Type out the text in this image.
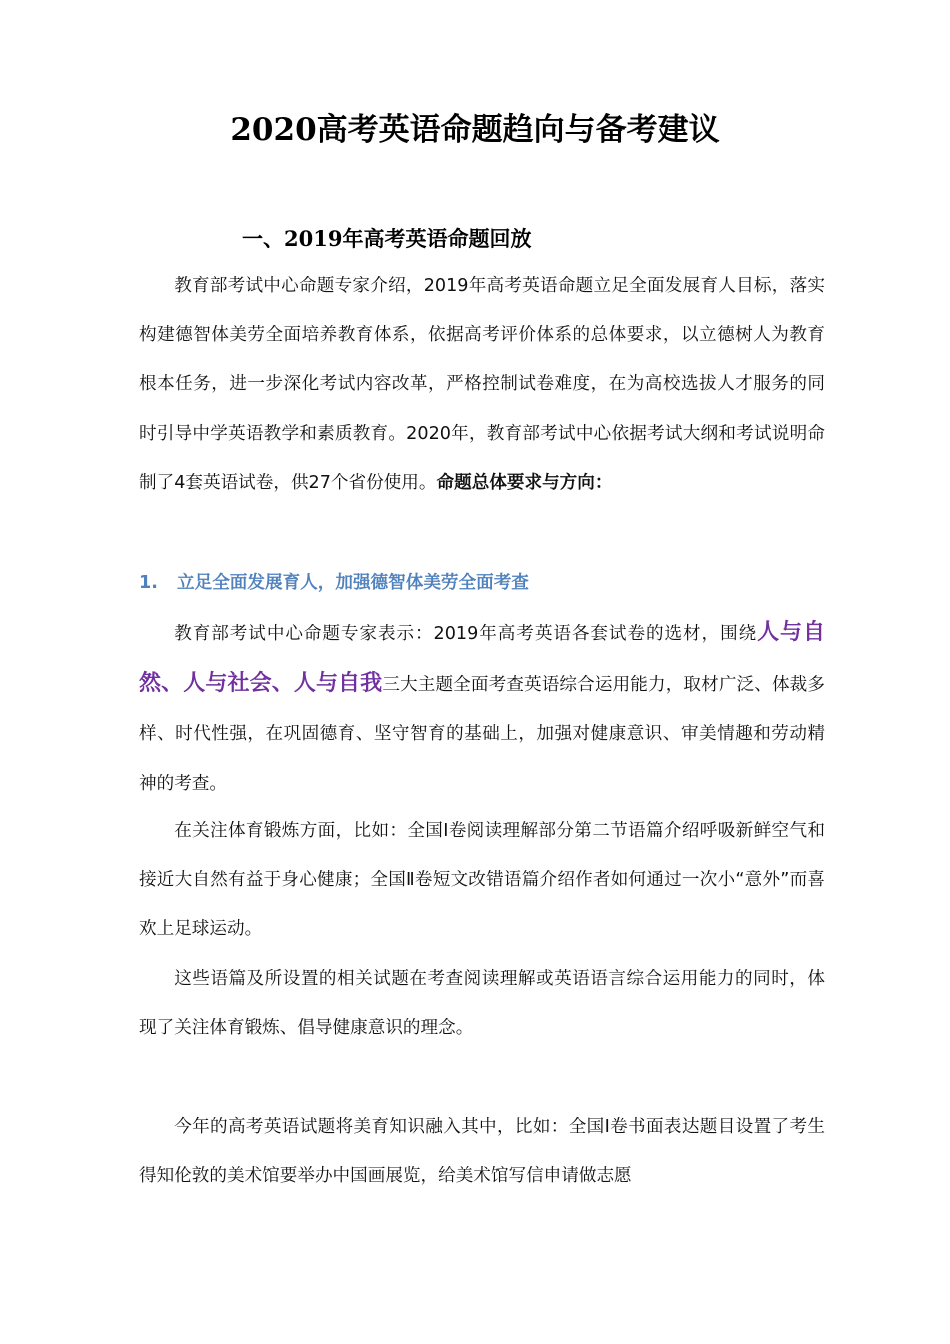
2020高考英语命题趋向与备考建议
一、2019年高考英语命题回放

教育部考试中心命题专家介绍，2019年高考英语命题立足全面发展育人目标，落实构建德智体美劳全面培养教育体系，依据高考评价体系的总体要求，以立德树人为教育根本任务，进一步深化考试内容改革，严格控制试卷难度，在为高校选拔人才服务的同时引导中学英语教学和素质教育。2020年，教育部考试中心依据考试大纲和考试说明命制了4套英语试卷，供27个省份使用。命题总体要求与方向：

1. 立足全面发展育人，加强德智体美劳全面考查

教育部考试中心命题专家表示：2019年高考英语各套试卷的选材，围绕人与自然、人与社会、人与自我三大主题全面考查英语综合运用能力，取材广泛、体裁多样、时代性强，在巩固德育、坚守智育的基础上，加强对健康意识、审美情趣和劳动精神的考查。

在关注体育锻炼方面，比如：全国Ⅰ卷阅读理解部分第二节语篇介绍呼吸新鲜空气和接近大自然有益于身心健康；全国Ⅱ卷短文改错语篇介绍作者如何通过一次小“意外”而喜欢上足球运动。

这些语篇及所设置的相关试题在考查阅读理解或英语语言综合运用能力的同时，体现了关注体育锻炼、倡导健康意识的理念。

今年的高考英语试题将美育知识融入其中，比如：全国Ⅰ卷书面表达题目设置了考生得知伦敦的美术馆要举办中国画展览，给美术馆写信申请做志愿
